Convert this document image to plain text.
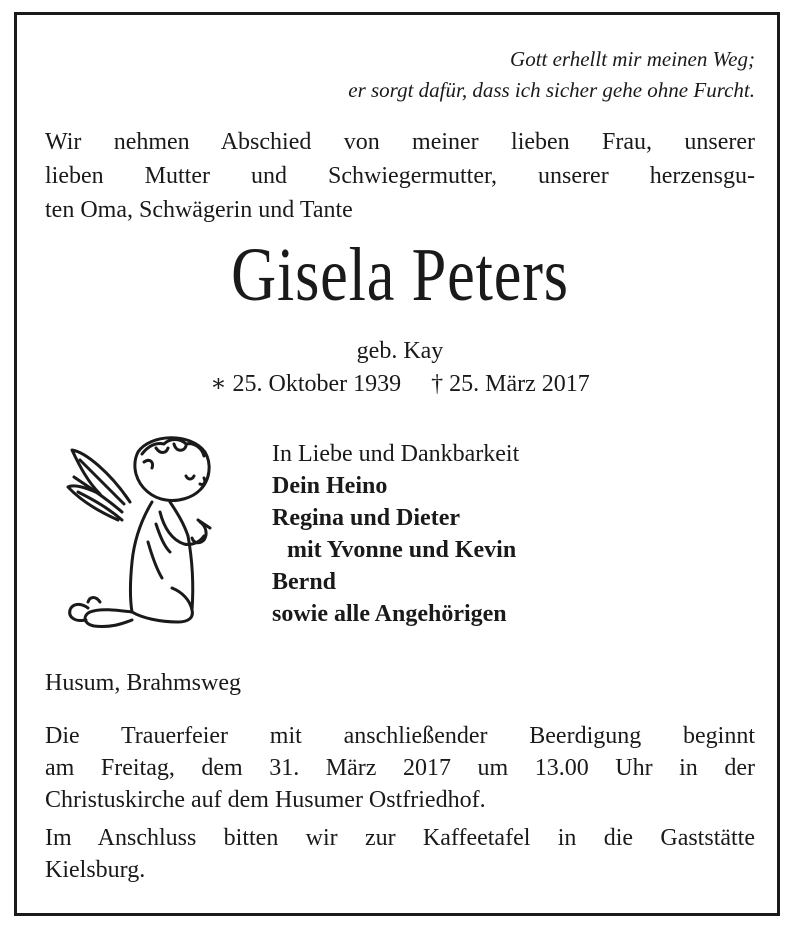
Gott erhellt mir meinen Weg;
er sorgt dafür, dass ich sicher gehe ohne Furcht.
Wir nehmen Abschied von meiner lieben Frau, unserer
lieben Mutter und Schwiegermutter, unserer herzensgu-
ten Oma, Schwägerin und Tante
Gisela Peters
geb. Kay
∗ 25. Oktober 1939 † 25. März 2017
In Liebe und Dankbarkeit
Dein Heino
Regina und Dieter
mit Yvonne und Kevin
Bernd
sowie alle Angehörigen
Husum, Brahmsweg
Die Trauerfeier mit anschließender Beerdigung beginnt
am Freitag, dem 31. März 2017 um 13.00 Uhr in der
Christuskirche auf dem Husumer Ostfriedhof.
Im Anschluss bitten wir zur Kaffeetafel in die Gaststätte
Kielsburg.
